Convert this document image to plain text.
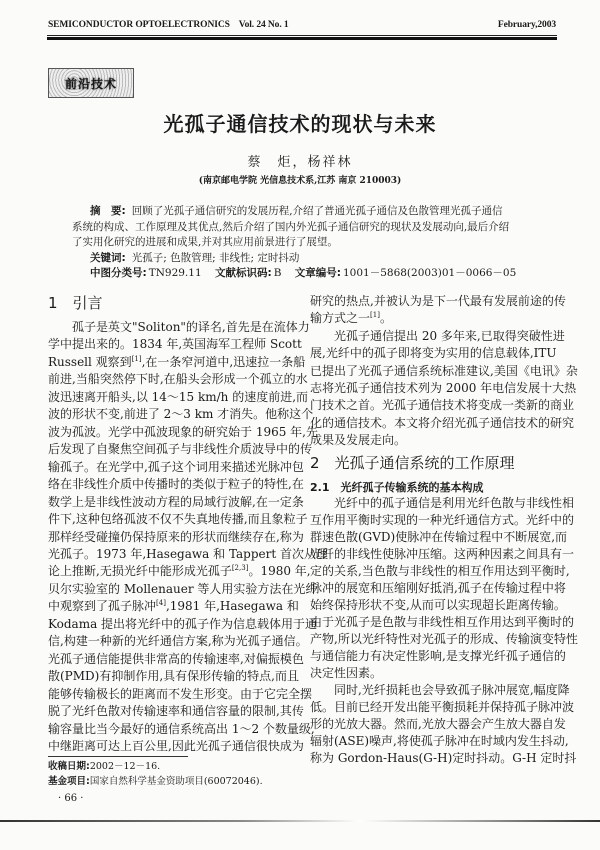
SEMICONDUCTOR OPTOELECTRONICS Vol. 24 No. 1	February,2003
前沿技术
光孤子通信技术的现状与未来
蔡　炬，杨祥林
(南京邮电学院 光信息技术系,江苏 南京 210003)
摘　要: 回顾了光孤子通信研究的发展历程,介绍了普通光孤子通信及色散管理光孤子通信
系统的构成、工作原理及其优点,然后介绍了国内外光孤子通信研究的现状及发展动向,最后介绍
了实用化研究的进展和成果,并对其应用前景进行了展望。
关键词: 光孤子; 色散管理; 非线性; 定时抖动
中图分类号: TN929.11 文献标识码: B 文章编号: 1001－5868(2003)01－0066－05
1　引言
2　光孤子通信系统的工作原理
2.1　光纤孤子传输系统的基本构成
　　孤子是英文"Soliton"的译名,首先是在流体力
学中提出来的。1834 年,英国海军工程师 Scott
Russell 观察到[1],在一条窄河道中,迅速拉一条船
前进,当船突然停下时,在船头会形成一个孤立的水
波迅速离开船头,以 14～15 km/h 的速度前进,而
波的形状不变,前进了 2～3 km 才消失。他称这个
波为孤波。光学中孤波现象的研究始于 1965 年,先
后发现了自聚焦空间孤子与非线性介质波导中的传
输孤子。在光学中,孤子这个词用来描述光脉冲包
络在非线性介质中传播时的类似于粒子的特性,在
数学上是非线性波动方程的局域行波解,在一定条
件下,这种包络孤波不仅不失真地传播,而且象粒子
那样经受碰撞仍保持原来的形状而继续存在,称为
光孤子。1973 年,Hasegawa 和 Tappert 首次从理
论上推断,无损光纤中能形成光孤子[2,3]。1980 年,
贝尔实验室的 Mollenauer 等人用实验方法在光纤
中观察到了孤子脉冲[4],1981 年,Hasegawa 和
Kodama 提出将光纤中的孤子作为信息载体用于通
信,构建一种新的光纤通信方案,称为光孤子通信。
光孤子通信能提供非常高的传输速率,对偏振模色
散(PMD)有抑制作用,具有保形传输的特点,而且
能够传输极长的距离而不发生形变。由于它完全摆
脱了光纤色散对传输速率和通信容量的限制,其传
输容量比当今最好的通信系统高出 1～2 个数量级,
中继距离可达上百公里,因此光孤子通信很快成为
研究的热点,并被认为是下一代最有发展前途的传
输方式之一[1]。
　　光孤子通信提出 20 多年来,已取得突破性进
展,光纤中的孤子即将变为实用的信息载体,ITU
已提出了光孤子通信系统标准建议,美国《电讯》杂
志将光孤子通信技术列为 2000 年电信发展十大热
门技术之首。光孤子通信技术将变成一类新的商业
化的通信技术。本文将介绍光孤子通信技术的研究
成果及发展走向。
　　光纤中的孤子通信是利用光纤色散与非线性相
互作用平衡时实现的一种光纤通信方式。光纤中的
群速色散(GVD)使脉冲在传输过程中不断展宽,而
光纤的非线性使脉冲压缩。这两种因素之间具有一
定的关系,当色散与非线性的相互作用达到平衡时,
脉冲的展宽和压缩刚好抵消,孤子在传输过程中将
始终保持形状不变,从而可以实现超长距离传输。
由于光孤子是色散与非线性相互作用达到平衡时的
产物,所以光纤特性对光孤子的形成、传输演变特性
与通信能力有决定性影响,是支撑光纤孤子通信的
决定性因素。
　　同时,光纤损耗也会导致孤子脉冲展宽,幅度降
低。目前已经开发出能平衡损耗并保持孤子脉冲波
形的光放大器。然而,光放大器会产生放大器自发
辐射(ASE)噪声,将使孤子脉冲在时域内发生抖动,
称为 Gordon-Haus(G-H)定时抖动。G-H 定时抖
收稿日期:2002－12－16.
基金项目:国家自然科学基金资助项目(60072046).
· 66 ·
